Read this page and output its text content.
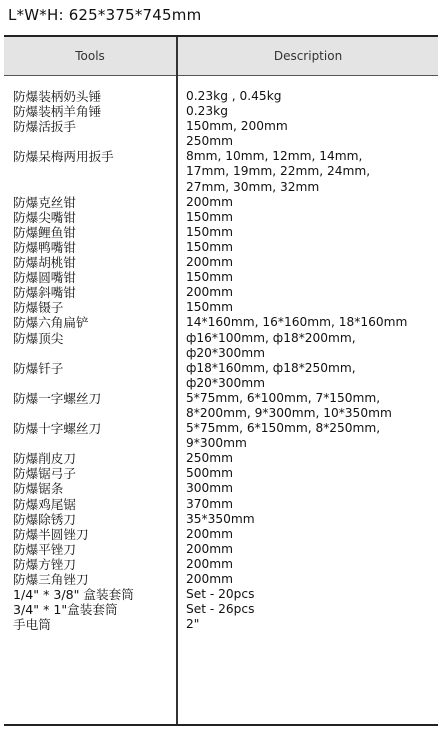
L*W*H: 625*375*745mm
Tools	Description
防爆装柄奶头锤	0.23kg , 0.45kg
防爆装柄羊角锤	0.23kg
防爆活扳手	150mm, 200mm
250mm
防爆呆梅两用扳手	8mm, 10mm, 12mm, 14mm,
17mm, 19mm, 22mm, 24mm,
27mm, 30mm, 32mm
防爆克丝钳	200mm
防爆尖嘴钳	150mm
防爆鲤鱼钳	150mm
防爆鸭嘴钳	150mm
防爆胡桃钳	200mm
防爆圆嘴钳	150mm
防爆斜嘴钳	200mm
防爆镊子	150mm
防爆六角扁铲	14*160mm, 16*160mm, 18*160mm
防爆顶尖	ф16*100mm, ф18*200mm,
ф20*300mm
防爆钎子	ф18*160mm, ф18*250mm,
ф20*300mm
防爆一字螺丝刀	5*75mm, 6*100mm, 7*150mm,
8*200mm, 9*300mm, 10*350mm
防爆十字螺丝刀	5*75mm, 6*150mm, 8*250mm,
9*300mm
防爆削皮刀	250mm
防爆锯弓子	500mm
防爆锯条	300mm
防爆鸡尾锯	370mm
防爆除锈刀	35*350mm
防爆半圆锉刀	200mm
防爆平锉刀	200mm
防爆方锉刀	200mm
防爆三角锉刀	200mm
1/4" * 3/8" 盒装套筒	Set - 20pcs
3/4" * 1"盒装套筒	Set - 26pcs
手电筒	2"
